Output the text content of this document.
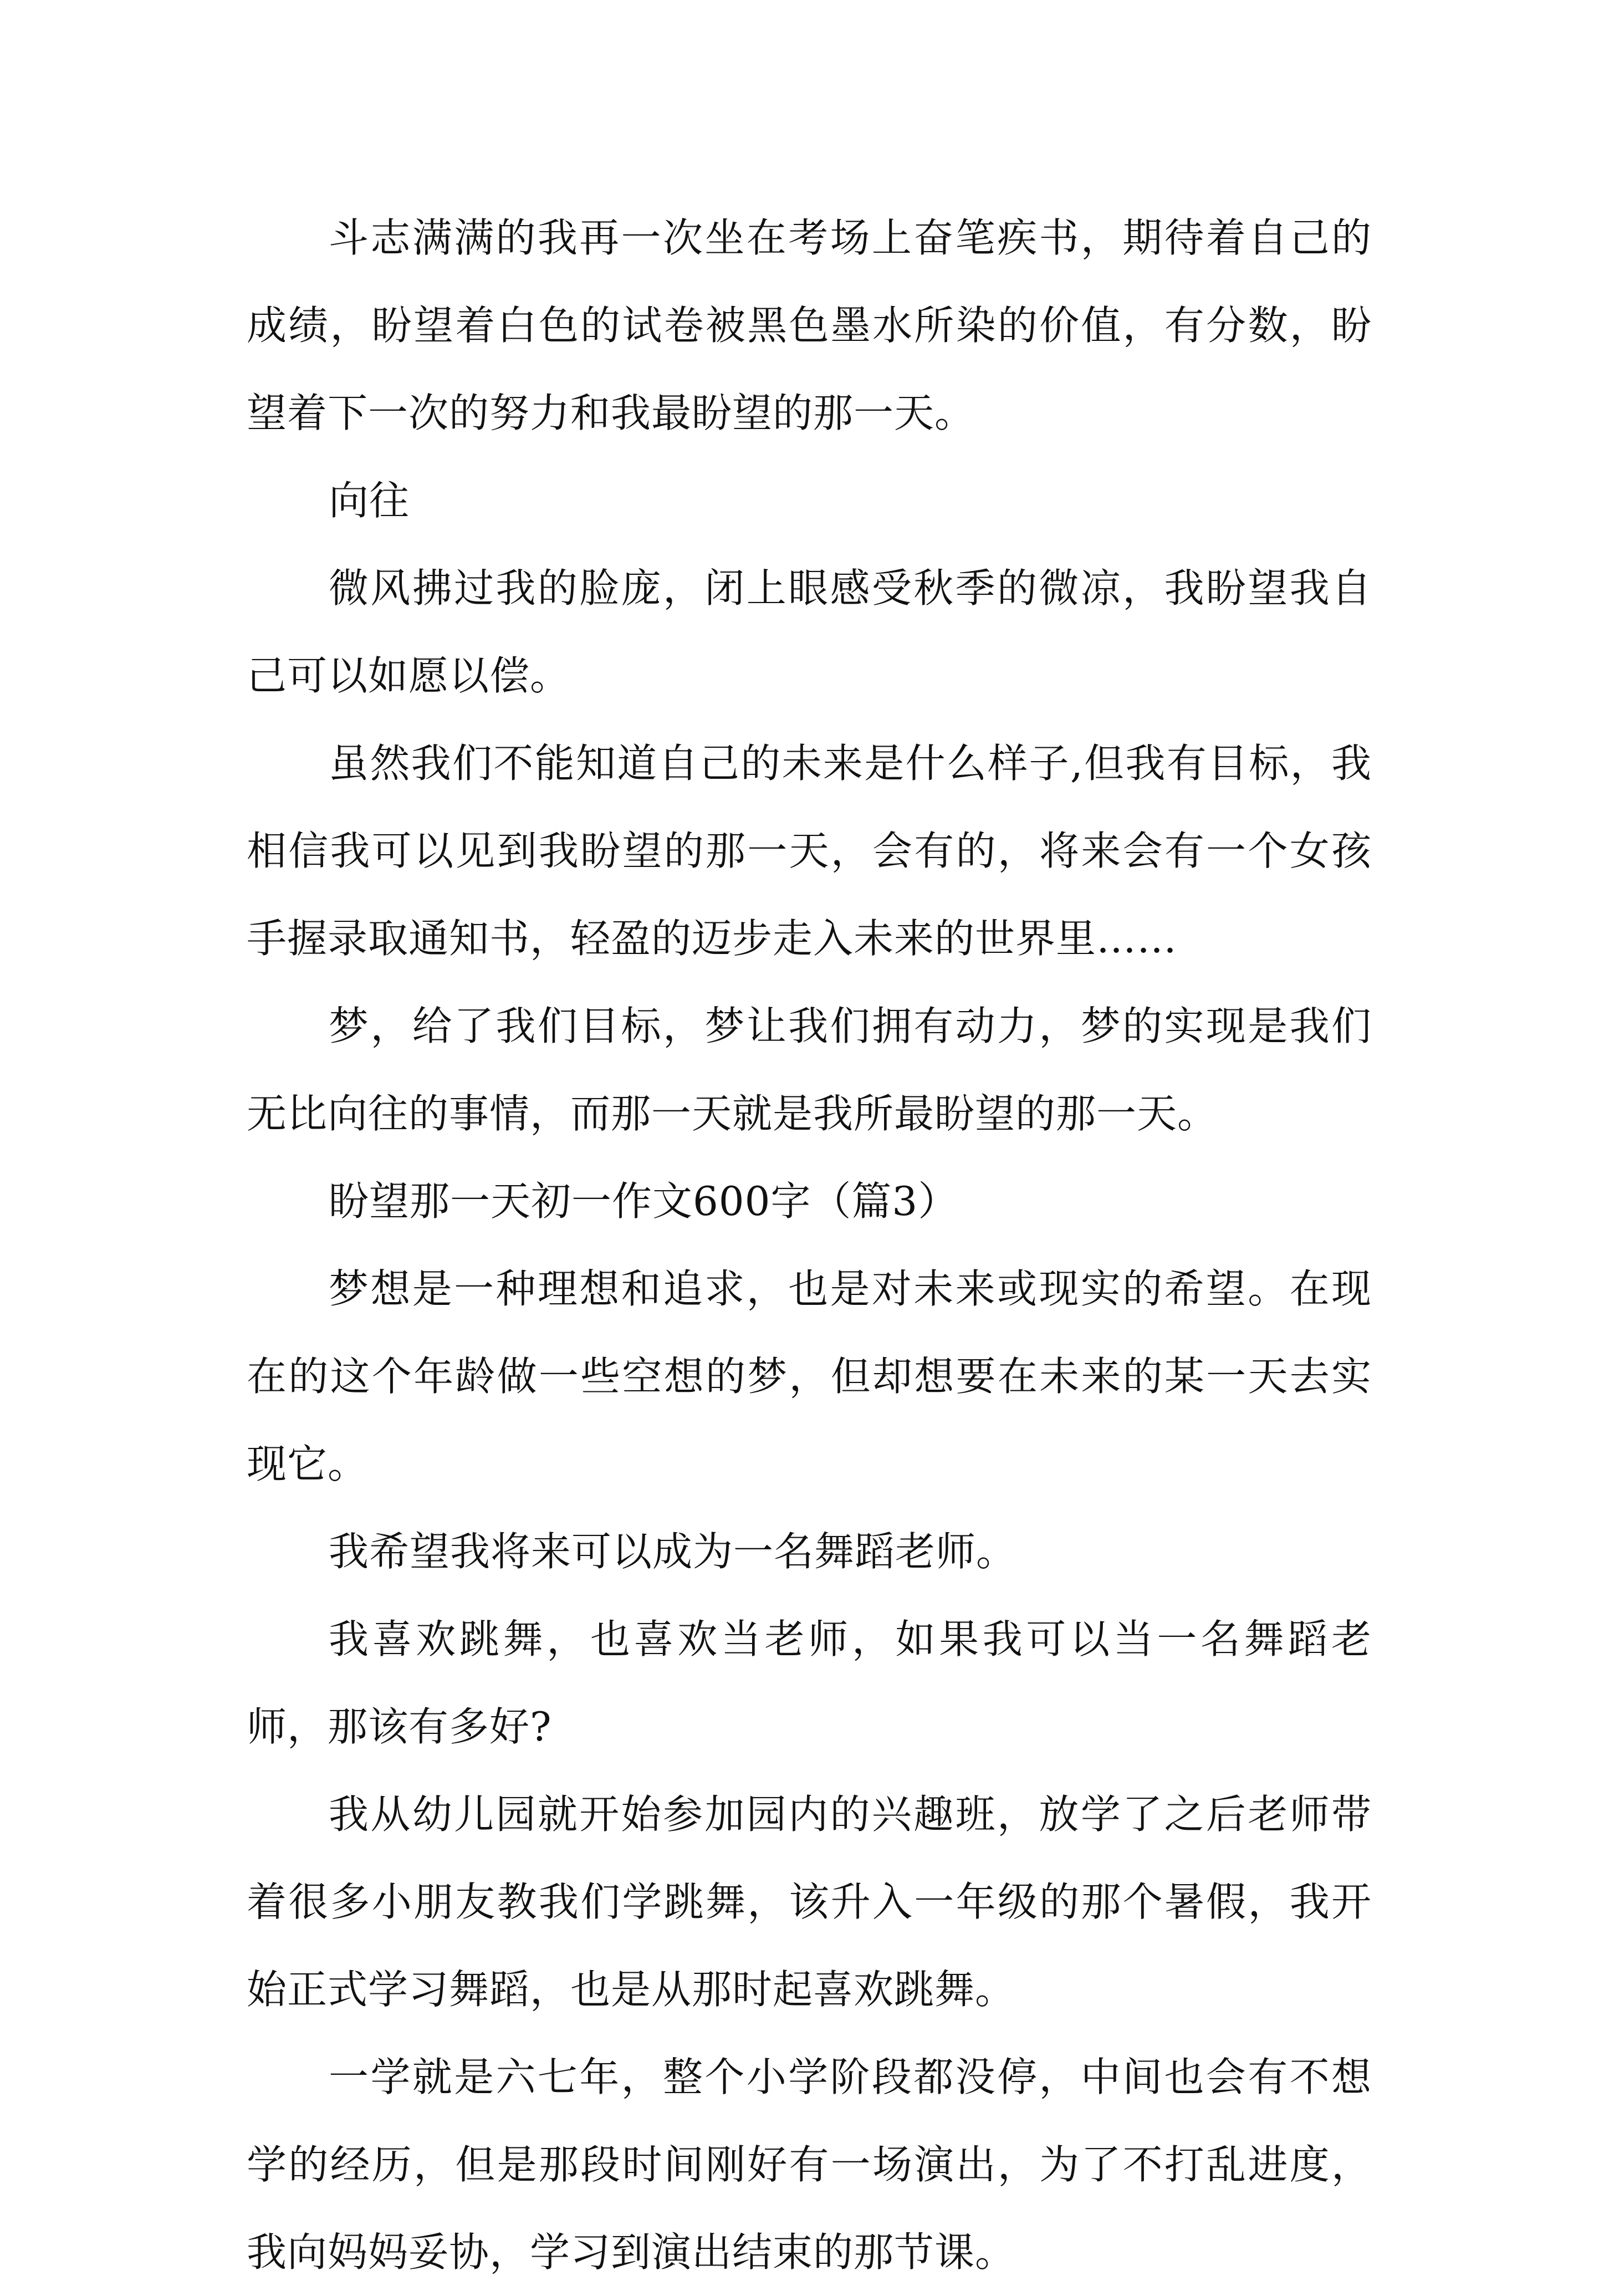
斗志满满的我再一次坐在考场上奋笔疾书，期待着自己的成绩，盼望着白色的试卷被黑色墨水所染的价值，有分数，盼望着下一次的努力和我最盼望的那一天。

向往

微风拂过我的脸庞，闭上眼感受秋季的微凉，我盼望我自己可以如愿以偿。

虽然我们不能知道自己的未来是什么样子,但我有目标，我相信我可以见到我盼望的那一天，会有的，将来会有一个女孩手握录取通知书，轻盈的迈步走入未来的世界里……

梦，给了我们目标，梦让我们拥有动力，梦的实现是我们无比向往的事情，而那一天就是我所最盼望的那一天。

盼望那一天初一作文600字（篇3）

梦想是一种理想和追求，也是对未来或现实的希望。在现在的这个年龄做一些空想的梦，但却想要在未来的某一天去实现它。

我希望我将来可以成为一名舞蹈老师。

我喜欢跳舞，也喜欢当老师，如果我可以当一名舞蹈老师，那该有多好?

我从幼儿园就开始参加园内的兴趣班，放学了之后老师带着很多小朋友教我们学跳舞，该升入一年级的那个暑假，我开始正式学习舞蹈，也是从那时起喜欢跳舞。

一学就是六七年，整个小学阶段都没停，中间也会有不想学的经历，但是那段时间刚好有一场演出，为了不打乱进度，我向妈妈妥协，学习到演出结束的那节课。
